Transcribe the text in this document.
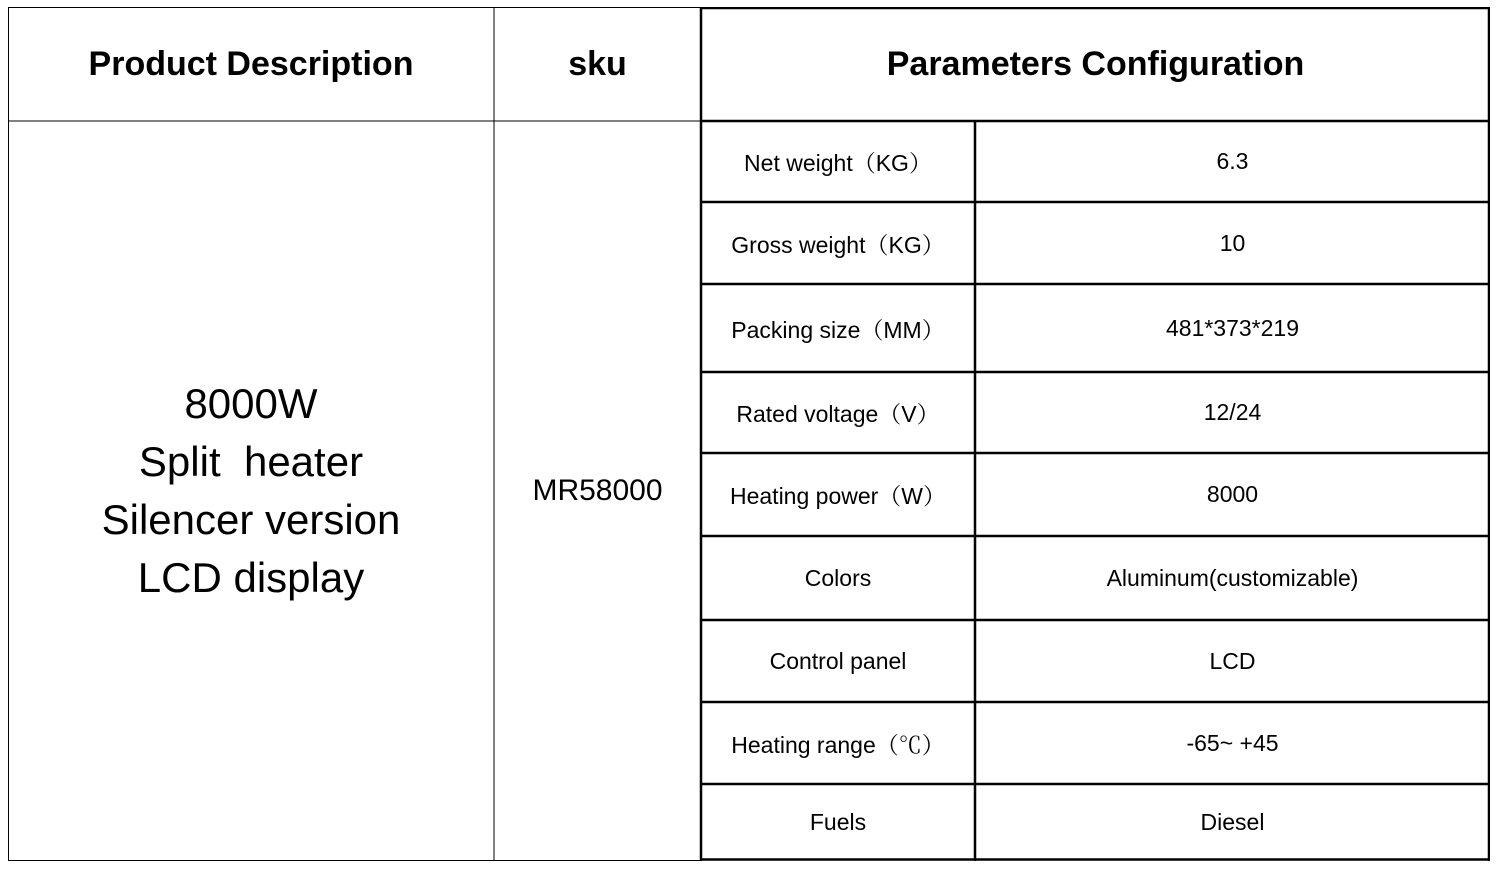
Product Description	sku	Parameters Configuration
8000W
Split  heater
Silencer version
LCD display
MR58000
Net weight（KG）	6.3
Gross weight（KG）	10
Packing size（MM）	481*373*219
Rated voltage（V）	12/24
Heating power（W）	8000
Colors	Aluminum(customizable)
Control panel	LCD
Heating range（℃）	-65~ +45
Fuels	Diesel
